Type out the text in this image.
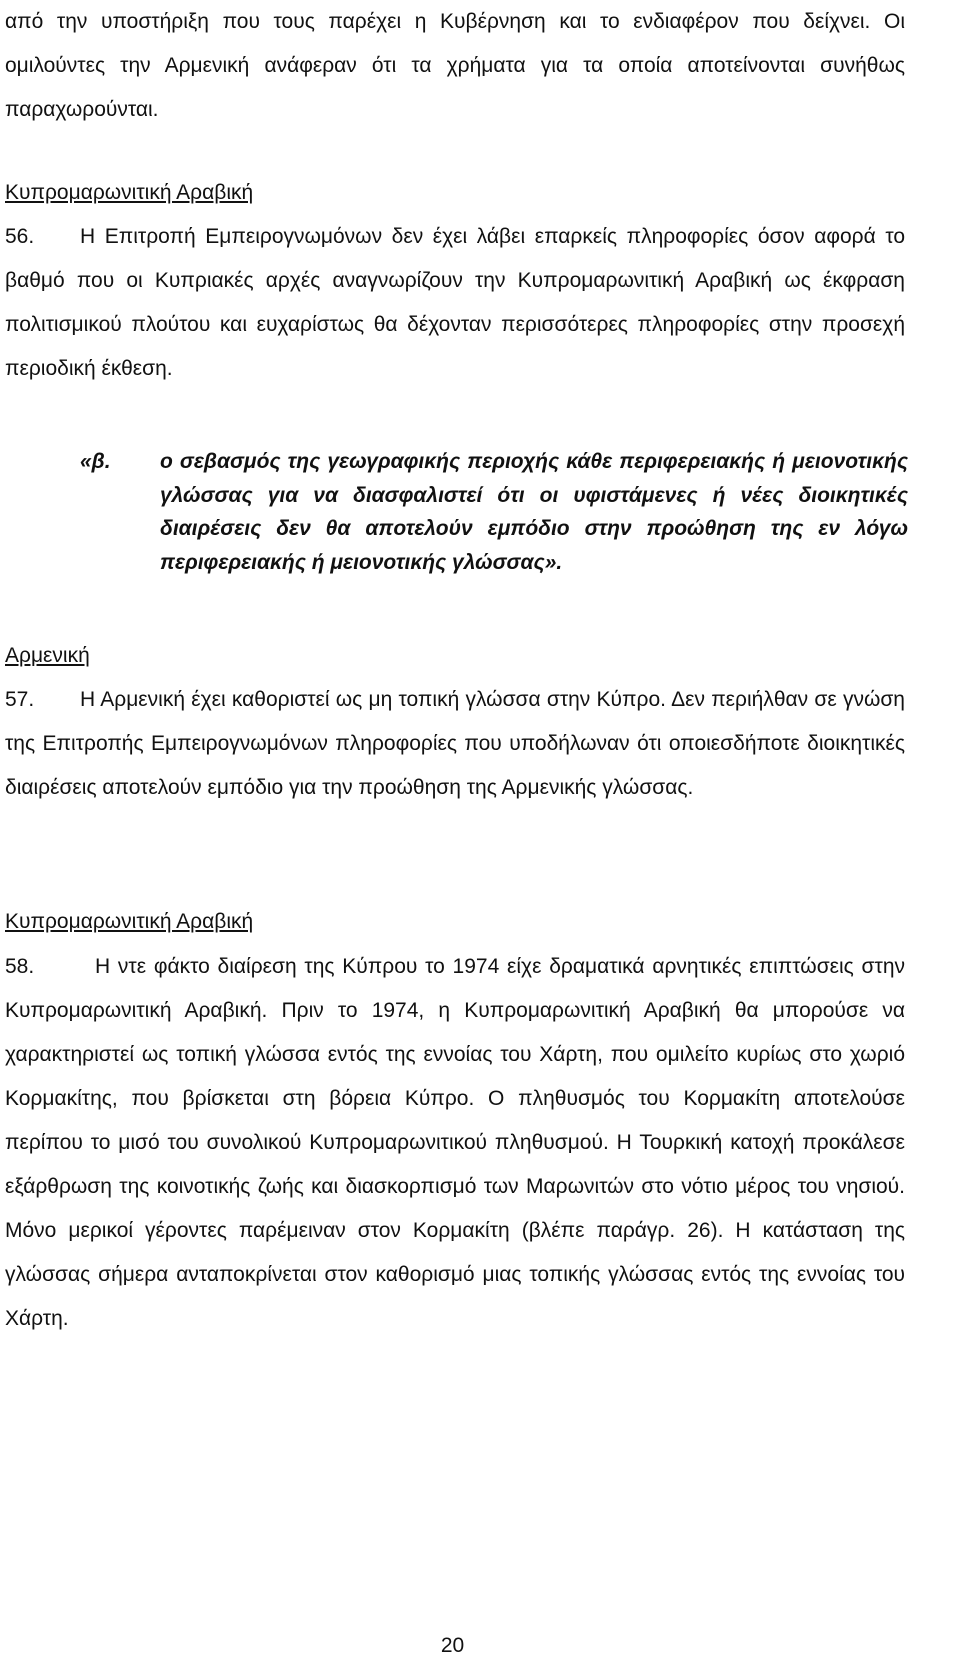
από την υποστήριξη που τους παρέχει η Κυβέρνηση και το ενδιαφέρον που δείχνει. Οι ομιλούντες την Αρμενική ανάφεραν ότι τα χρήματα για τα οποία αποτείνονται συνήθως παραχωρούνται.
Κυπρομαρωνιτική Αραβική
56. Η Επιτροπή Εμπειρογνωμόνων δεν έχει λάβει επαρκείς πληροφορίες όσον αφορά το βαθμό που οι Κυπριακές αρχές αναγνωρίζουν την Κυπρομαρωνιτική Αραβική ως έκφραση πολιτισμικού πλούτου και ευχαρίστως θα δέχονταν περισσότερες πληροφορίες στην προσεχή περιοδική έκθεση.
«β.	ο σεβασμός της γεωγραφικής περιοχής κάθε περιφερειακής ή μειονοτικής γλώσσας για να διασφαλιστεί ότι οι υφιστάμενες ή νέες διοικητικές διαιρέσεις δεν θα αποτελούν εμπόδιο στην προώθηση της εν λόγω περιφερειακής ή μειονοτικής γλώσσας».
Αρμενική
57. Η Αρμενική έχει καθοριστεί ως μη τοπική γλώσσα στην Κύπρο. Δεν περιήλθαν σε γνώση της Επιτροπής Εμπειρογνωμόνων πληροφορίες που υποδήλωναν ότι οποιεσδήποτε διοικητικές διαιρέσεις αποτελούν εμπόδιο για την προώθηση της Αρμενικής γλώσσας.
Κυπρομαρωνιτική Αραβική
58.	Η ντε φάκτο διαίρεση της Κύπρου το 1974 είχε δραματικά αρνητικές επιπτώσεις στην Κυπρομαρωνιτική Αραβική. Πριν το 1974, η Κυπρομαρωνιτική Αραβική θα μπορούσε να χαρακτηριστεί ως τοπική γλώσσα εντός της εννοίας του Χάρτη, που ομιλείτο κυρίως στο χωριό Κορμακίτης, που βρίσκεται στη βόρεια Κύπρο. Ο πληθυσμός του Κορμακίτη αποτελούσε περίπου το μισό του συνολικού Κυπρομαρωνιτικού πληθυσμού. Η Τουρκική κατοχή προκάλεσε εξάρθρωση της κοινοτικής ζωής και διασκορπισμό των Μαρωνιτών στο νότιο μέρος του νησιού. Μόνο μερικοί γέροντες παρέμειναν στον Κορμακίτη (βλέπε παράγρ. 26). Η κατάσταση της γλώσσας σήμερα ανταποκρίνεται στον καθορισμό μιας τοπικής γλώσσας εντός της εννοίας του Χάρτη.
20
